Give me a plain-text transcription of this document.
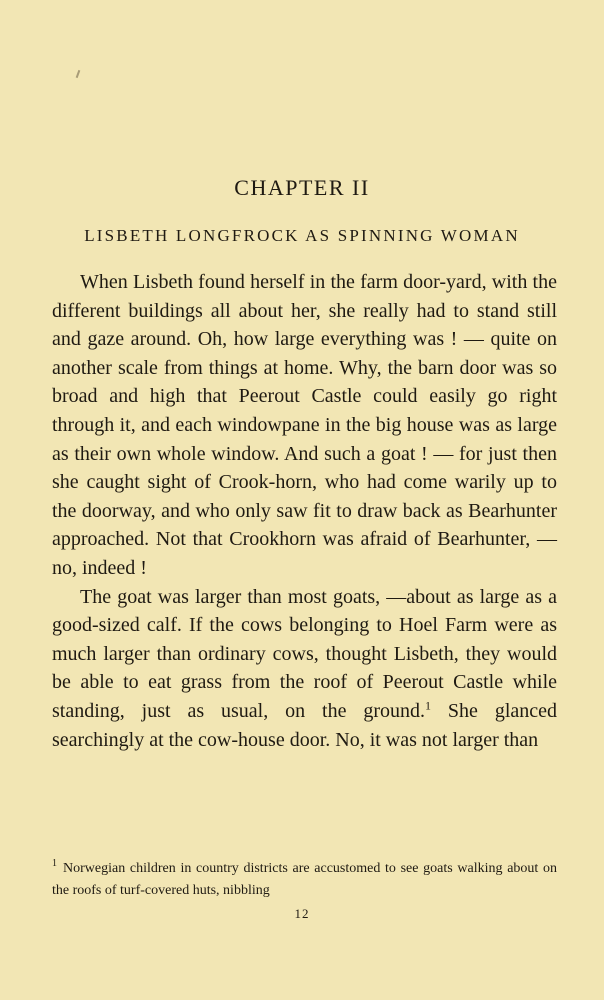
CHAPTER II
LISBETH LONGFROCK AS SPINNING WOMAN

When Lisbeth found herself in the farm door-yard, with the different buildings all about her, she really had to stand still and gaze around. Oh, how large everything was ! — quite on another scale from things at home. Why, the barn door was so broad and high that Peerout Castle could easily go right through it, and each windowpane in the big house was as large as their own whole window. And such a goat ! — for just then she caught sight of Crook-horn, who had come warily up to the doorway, and who only saw fit to draw back as Bearhunter approached. Not that Crookhorn was afraid of Bearhunter, — no, indeed !

The goat was larger than most goats, —about as large as a good-sized calf. If the cows belonging to Hoel Farm were as much larger than ordinary cows, thought Lisbeth, they would be able to eat grass from the roof of Peerout Castle while standing, just as usual, on the ground.$^1$ She glanced searchingly at the cow-house door. No, it was not larger than

$^1$ Norwegian children in country districts are accustomed to see goats walking about on the roofs of turf-covered huts, nibbling
12
